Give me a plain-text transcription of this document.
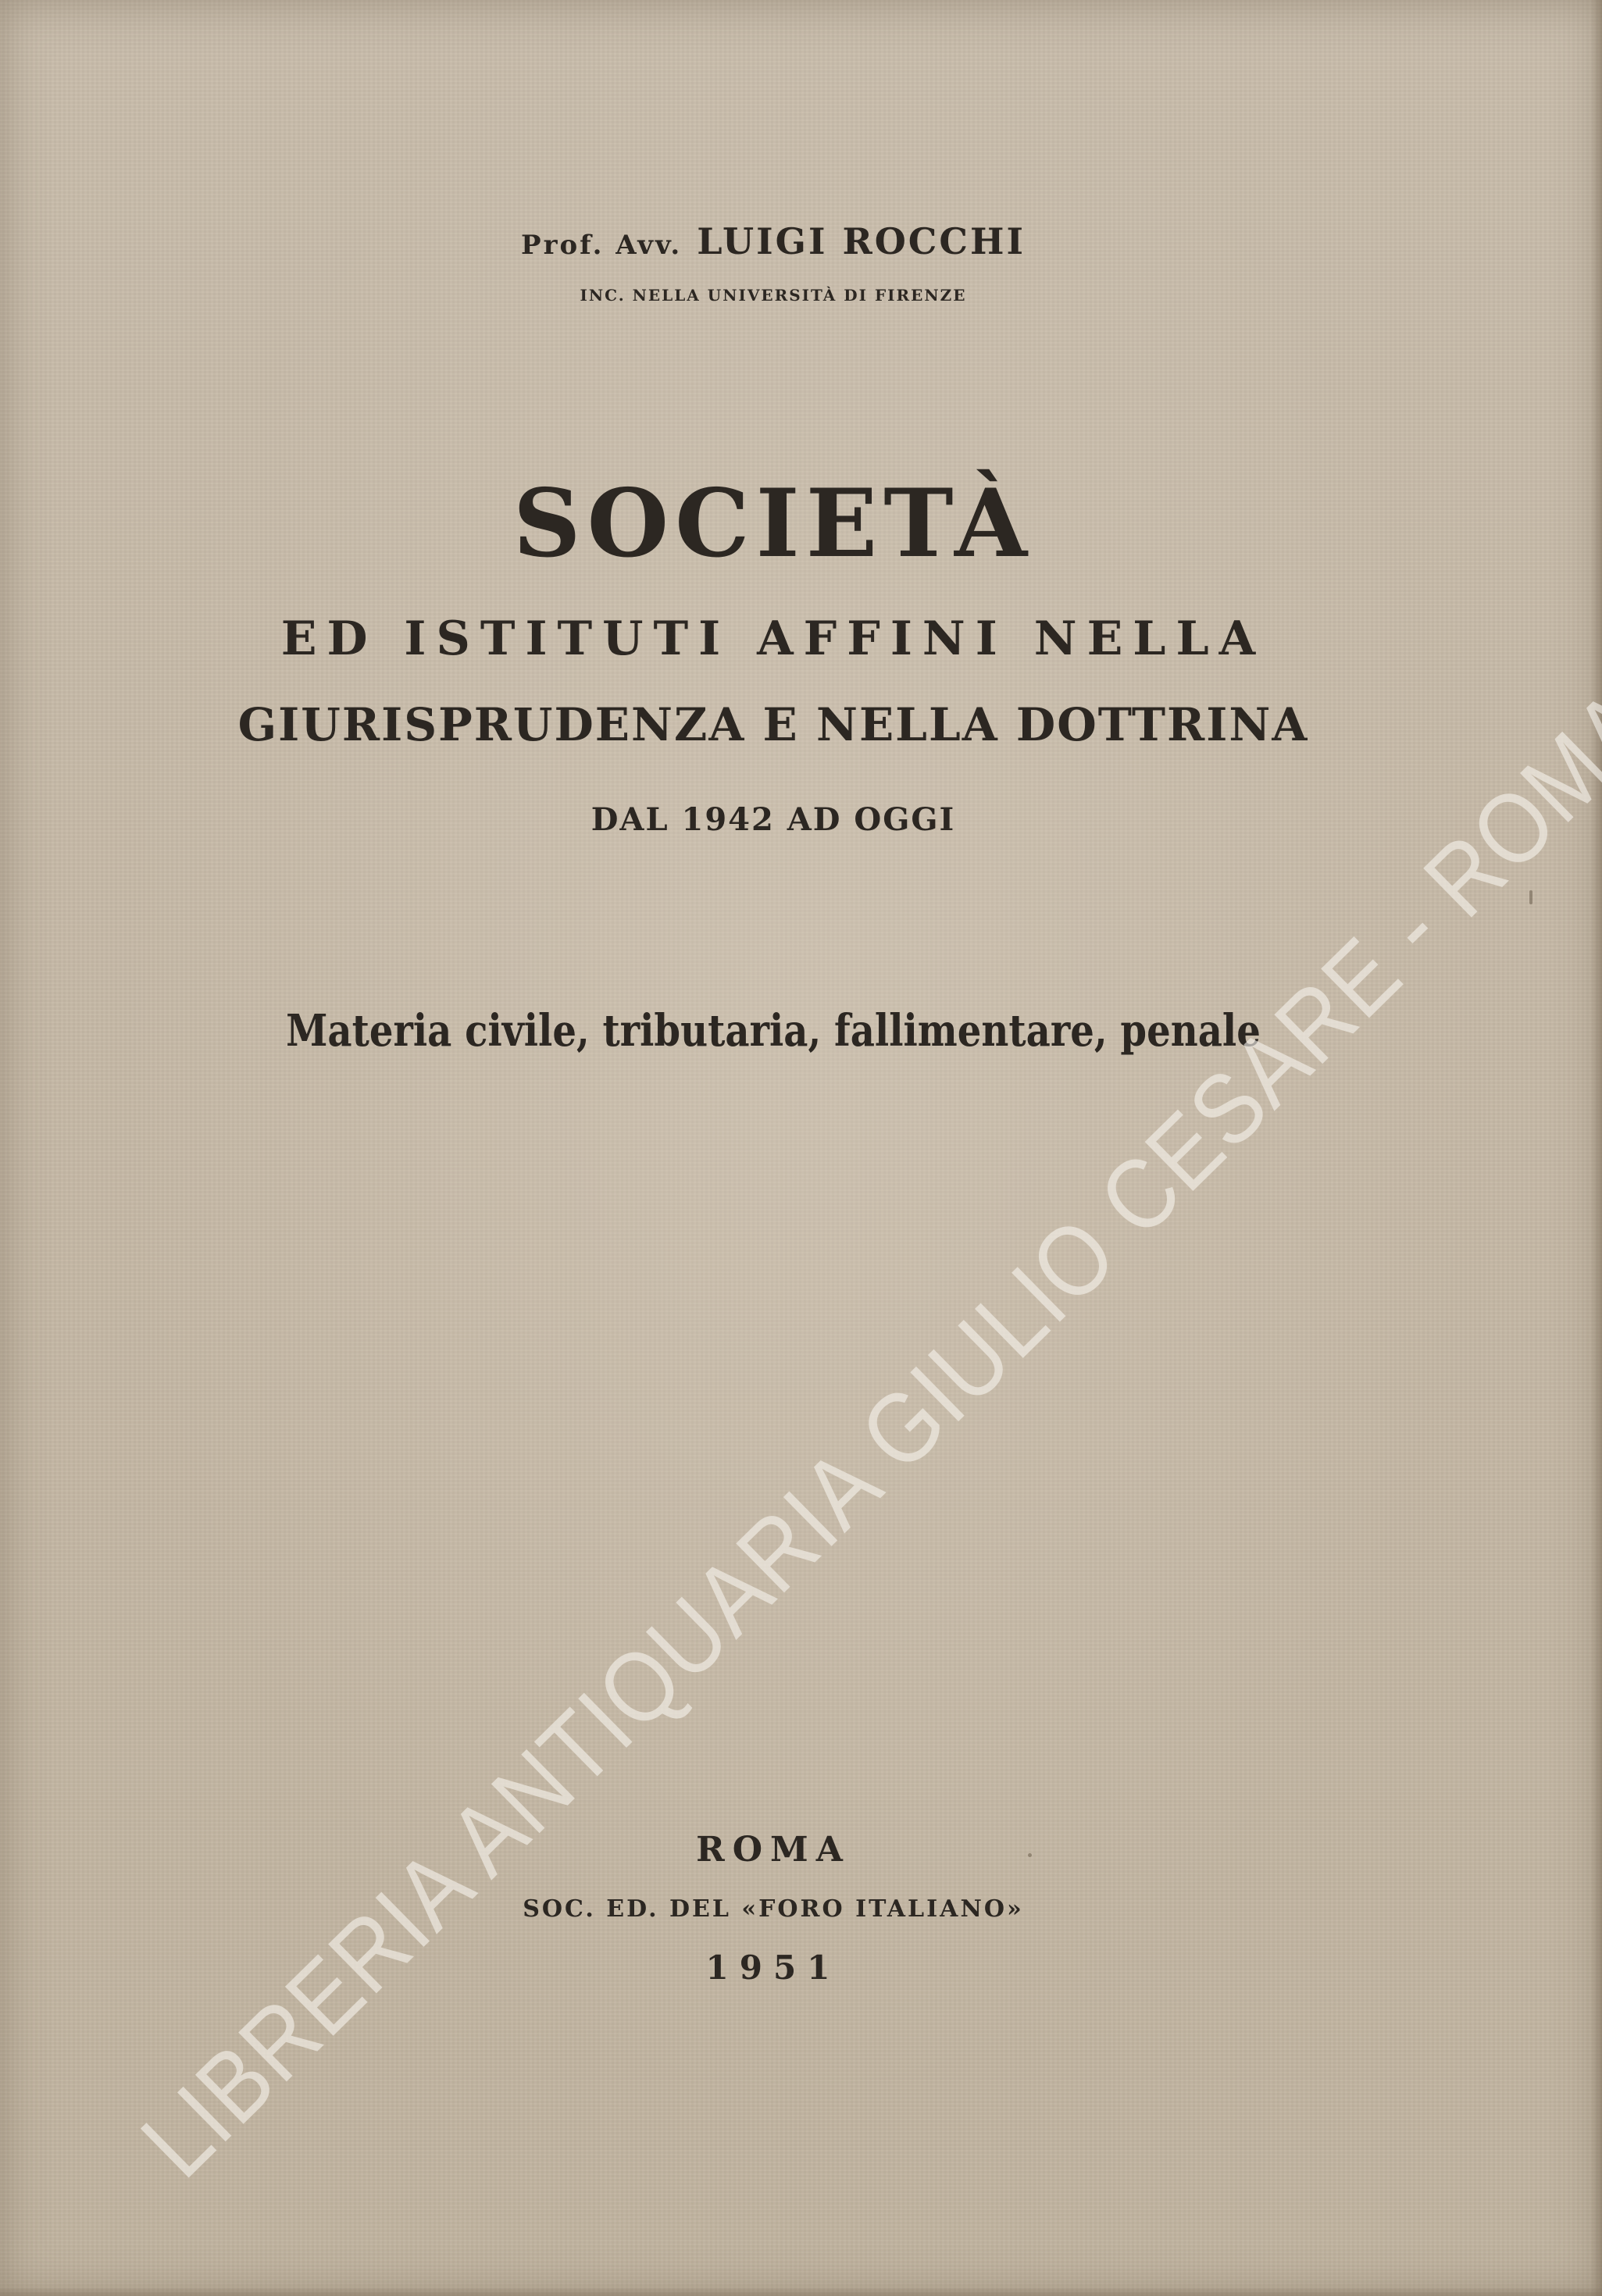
Prof. Avv. LUIGI ROCCHI
INC. NELLA UNIVERSITÀ DI FIRENZE
SOCIETÀ
ED ISTITUTI AFFINI NELLA
GIURISPRUDENZA E NELLA DOTTRINA
DAL 1942 AD OGGI
Materia civile, tributaria, fallimentare, penale
ROMA
SOC. ED. DEL «FORO ITALIANO»
1951
